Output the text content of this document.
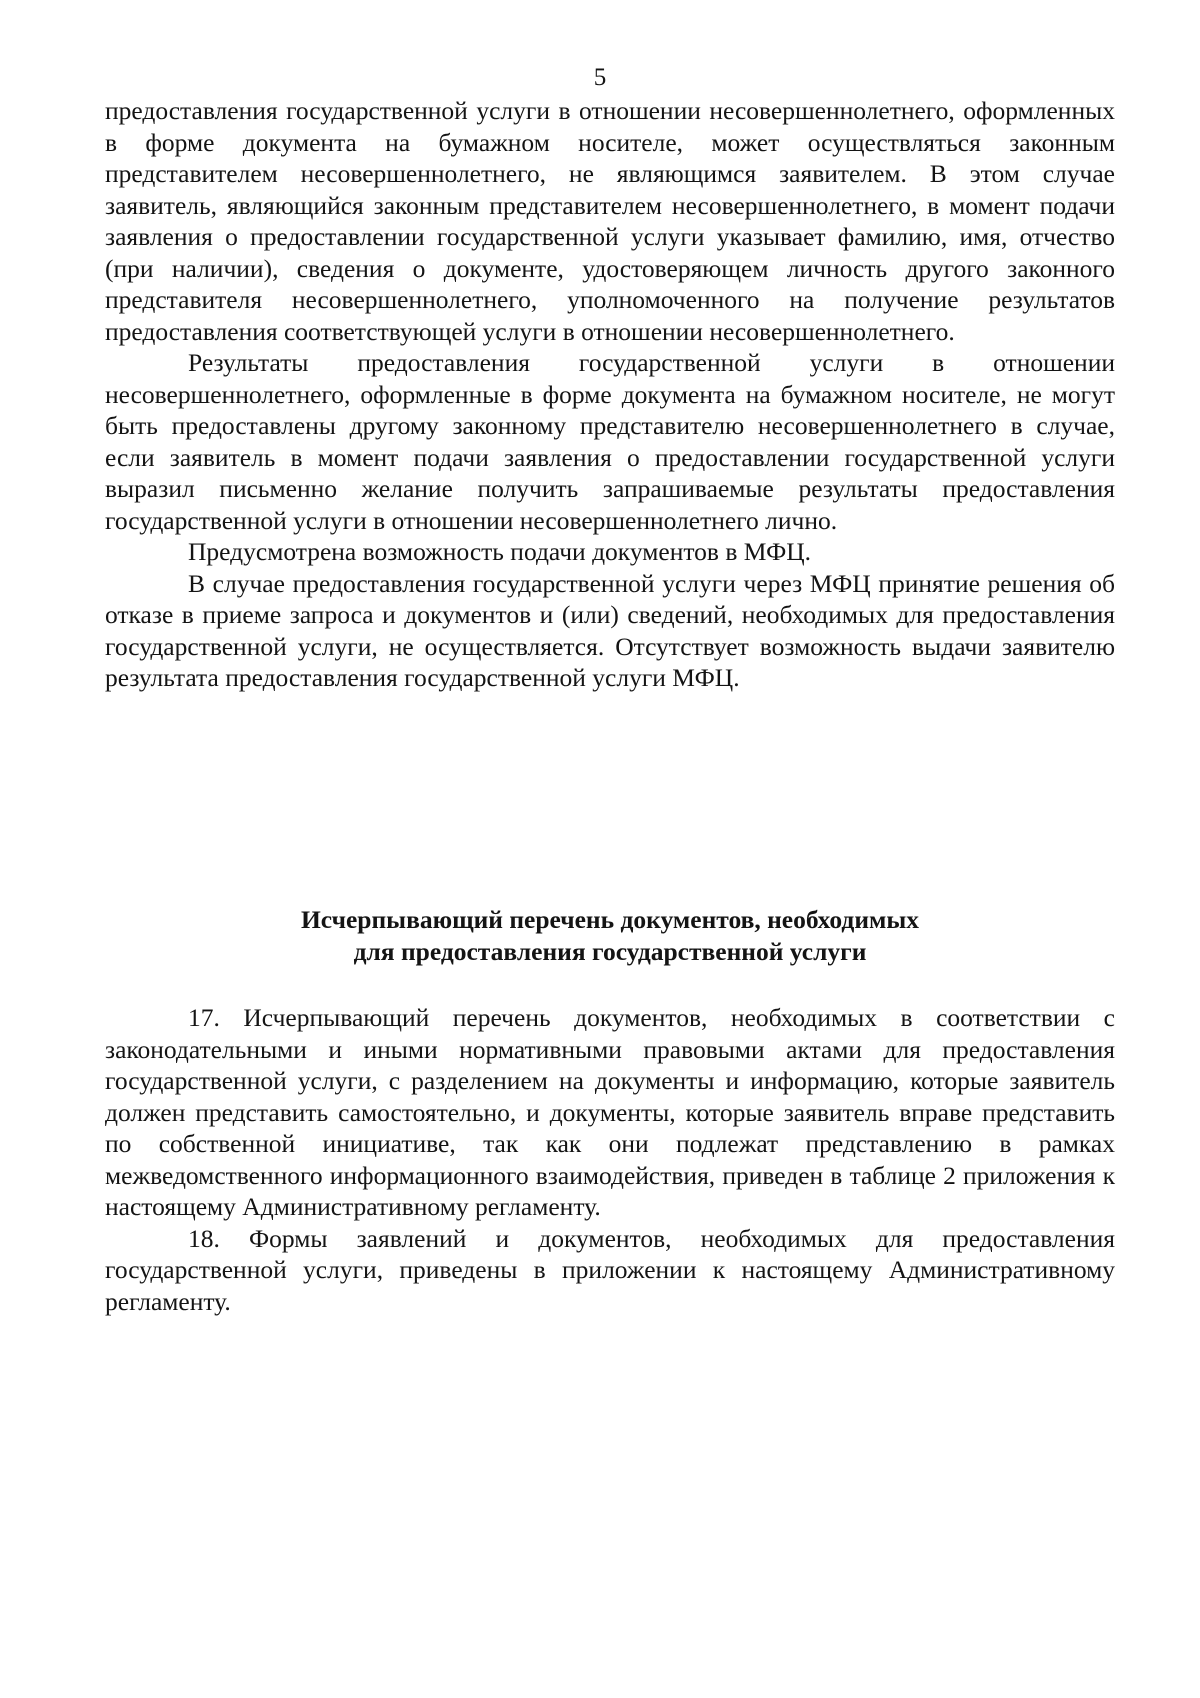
5

предоставления государственной услуги в отношении несовершеннолетнего, оформленных в форме документа на бумажном носителе, может осуществляться законным представителем несовершеннолетнего, не являющимся заявителем. В этом случае заявитель, являющийся законным представителем несовершеннолетнего, в момент подачи заявления о предоставлении государственной услуги указывает фамилию, имя, отчество (при наличии), сведения о документе, удостоверяющем личность другого законного представителя несовершеннолетнего, уполномоченного на получение результатов предоставления соответствующей услуги в отношении несовершеннолетнего.

Результаты предоставления государственной услуги в отношении несовершеннолетнего, оформленные в форме документа на бумажном носителе, не могут быть предоставлены другому законному представителю несовершеннолетнего в случае, если заявитель в момент подачи заявления о предоставлении государственной услуги выразил письменно желание получить запрашиваемые результаты предоставления государственной услуги в отношении несовершеннолетнего лично.

Предусмотрена возможность подачи документов в МФЦ.

В случае предоставления государственной услуги через МФЦ принятие решения об отказе в приеме запроса и документов и (или) сведений, необходимых для предоставления государственной услуги, не осуществляется. Отсутствует возможность выдачи заявителю результата предоставления государственной услуги МФЦ.

Исчерпывающий перечень документов, необходимых
для предоставления государственной услуги

17. Исчерпывающий перечень документов, необходимых в соответствии с законодательными и иными нормативными правовыми актами для предоставления государственной услуги, с разделением на документы и информацию, которые заявитель должен представить самостоятельно, и документы, которые заявитель вправе представить по собственной инициативе, так как они подлежат представлению в рамках межведомственного информационного взаимодействия, приведен в таблице 2 приложения к настоящему Административному регламенту.

18. Формы заявлений и документов, необходимых для предоставления государственной услуги, приведены в приложении к настоящему Административному регламенту.
